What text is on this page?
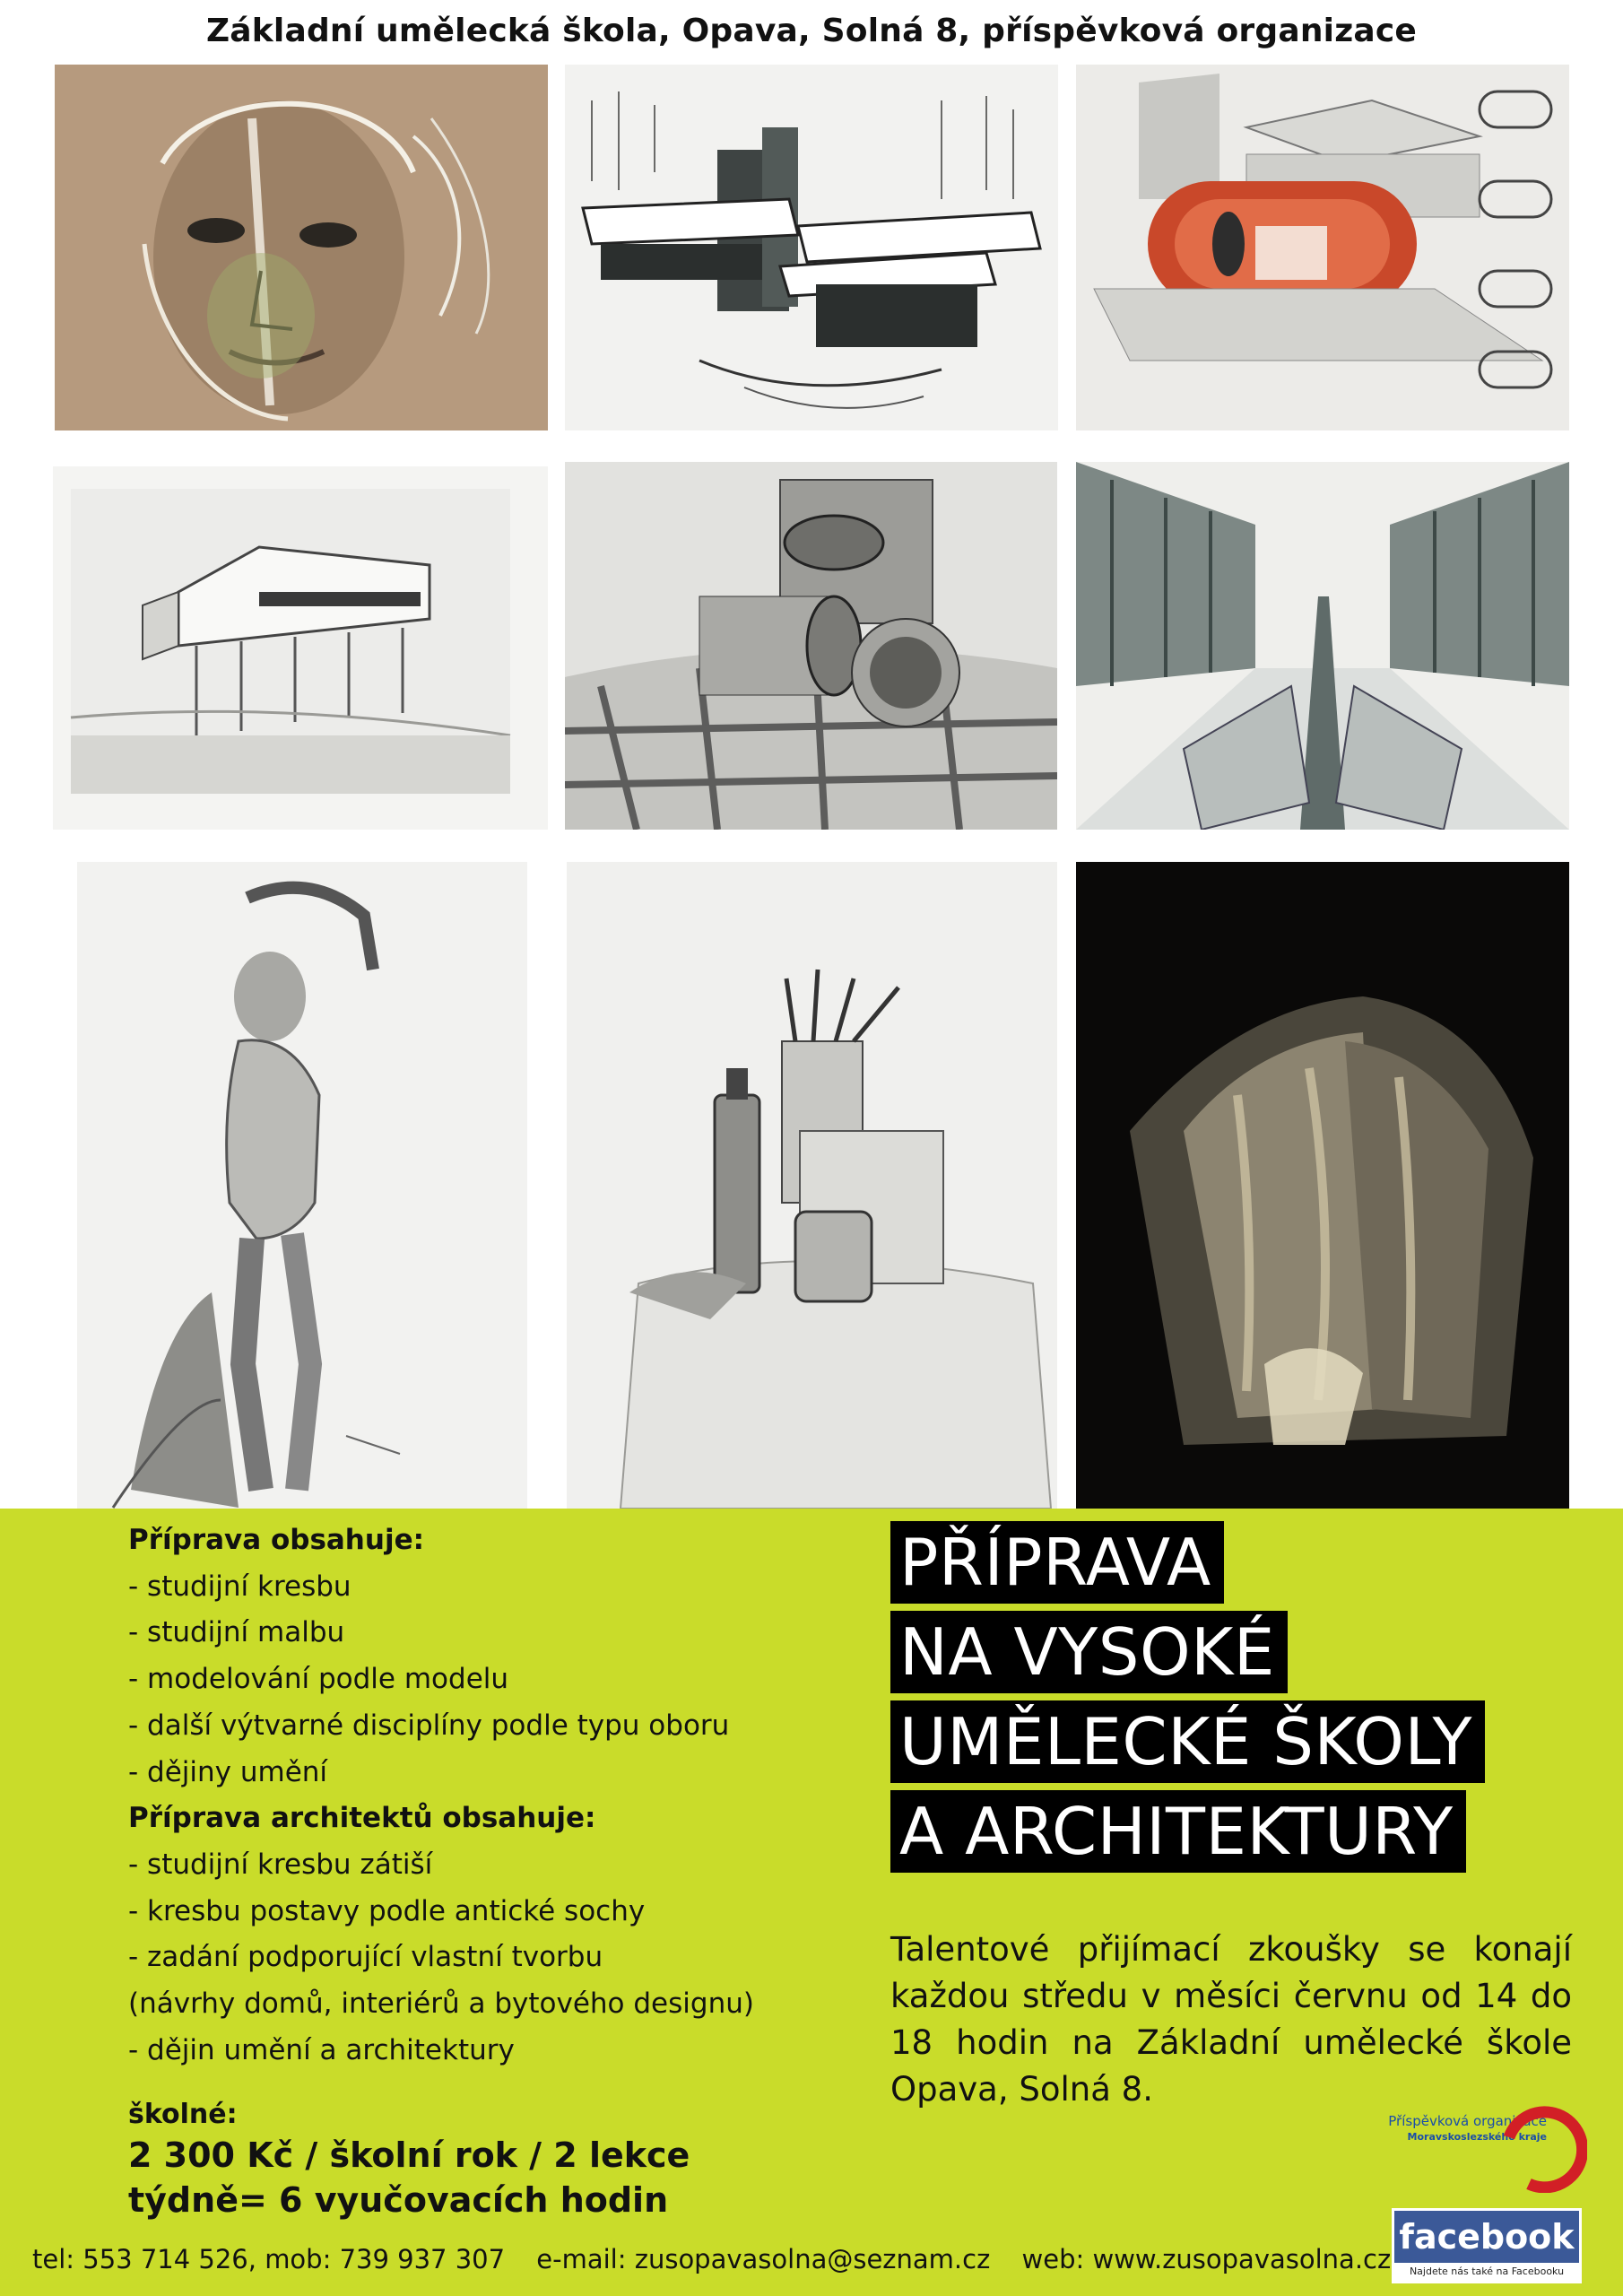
Základní umělecká škola, Opava, Solná 8, příspěvková organizace
Příprava obsahuje:
- studijní kresbu
- studijní malbu
- modelování podle modelu
- další výtvarné disciplíny podle typu oboru
- dějiny umění
Příprava architektů obsahuje:
- studijní kresbu zátiší
- kresbu postavy podle antické sochy
- zadání podporující vlastní tvorbu
(návrhy domů, interiérů a bytového designu)
- dějin umění a architektury
školné:
2 300 Kč / školní rok / 2 lekce
týdně= 6 vyučovacích hodin
PŘÍPRAVA
NA VYSOKÉ
UMĚLECKÉ ŠKOLY
A ARCHITEKTURY
Talentové přijímací zkoušky se konají každou středu v měsíci červnu od 14 do 18 hodin na Základní umělecké škole Opava, Solná 8.
Příspěvková organizace
Moravskoslezského kraje
facebook
Najdete nás také na Facebooku
tel: 553 714 526, mob: 739 937 307 e-mail: zusopavasolna@seznam.cz web: www.zusopavasolna.cz
